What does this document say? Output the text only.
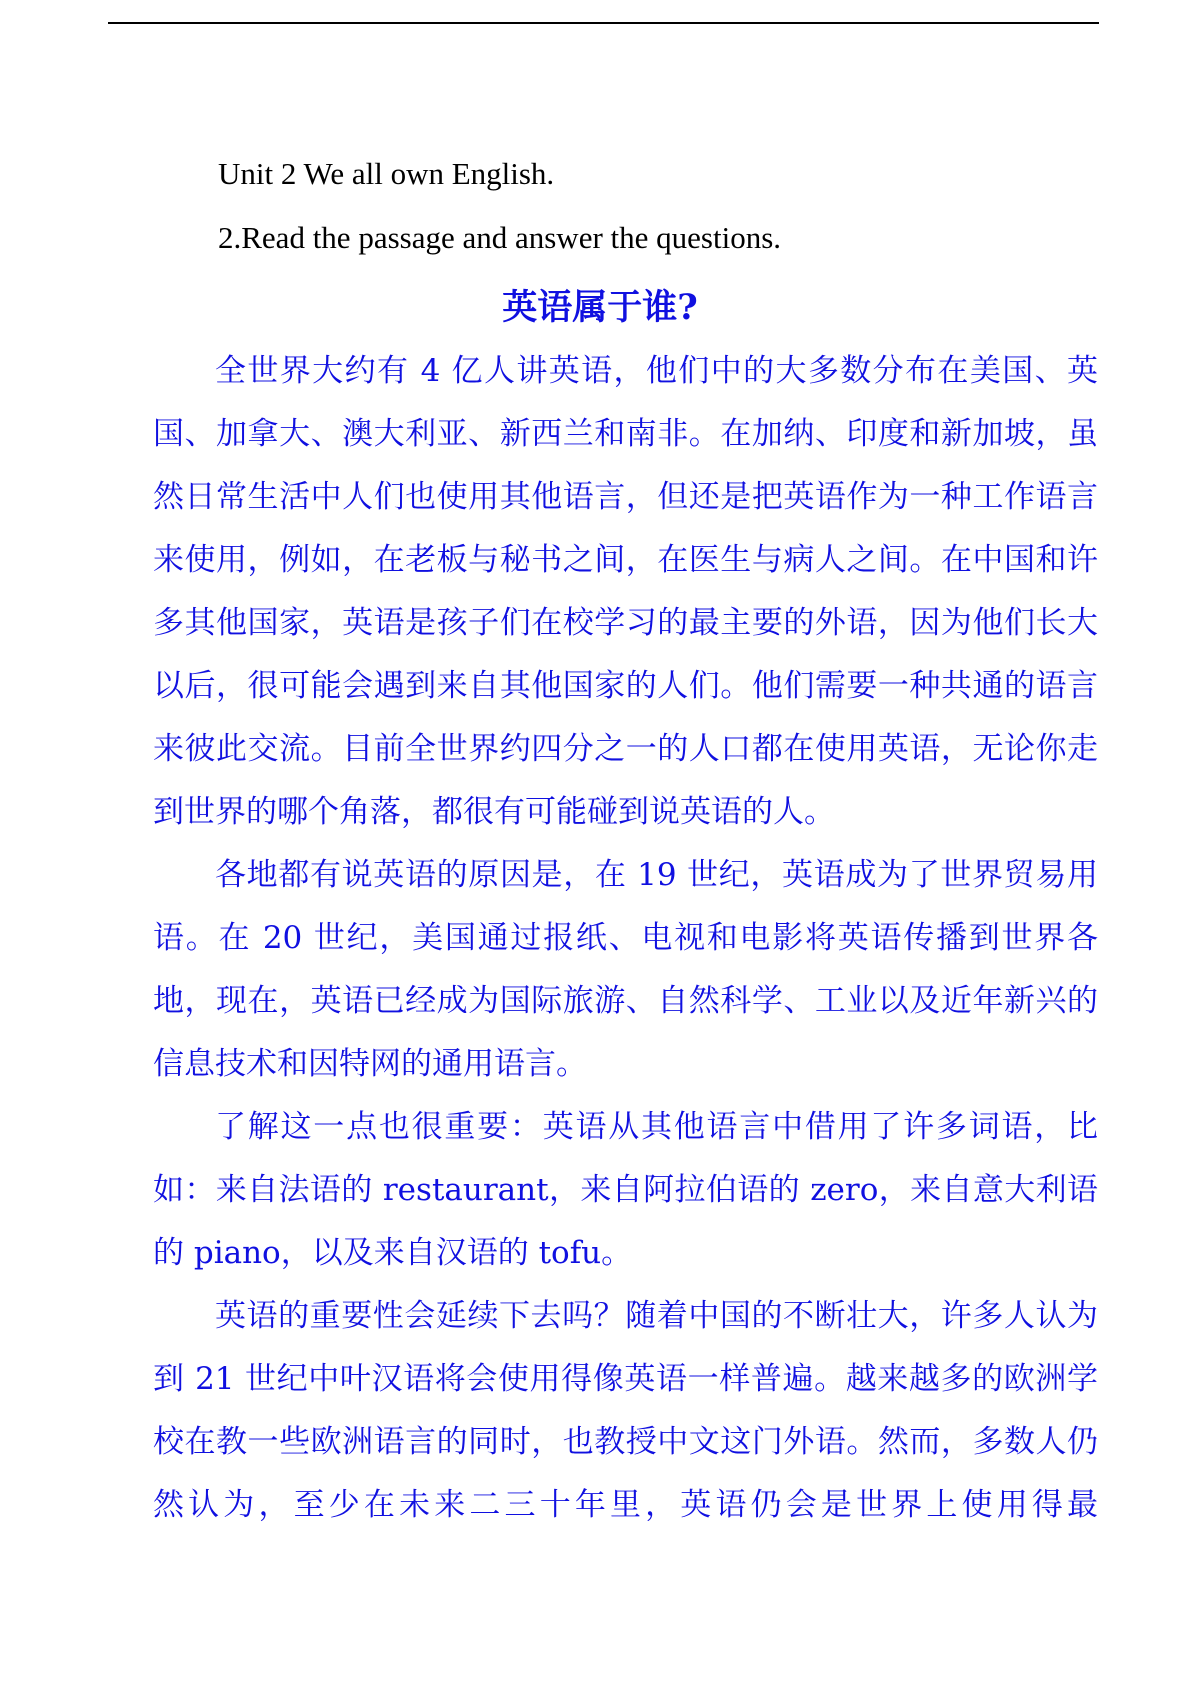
Unit 2 We all own English.
2.Read the passage and answer the questions.
英语属于谁?

全世界大约有 4 亿人讲英语，他们中的大多数分布在美国、英国、加拿大、澳大利亚、新西兰和南非。在加纳、印度和新加坡，虽然日常生活中人们也使用其他语言，但还是把英语作为一种工作语言来使用，例如，在老板与秘书之间，在医生与病人之间。在中国和许多其他国家，英语是孩子们在校学习的最主要的外语，因为他们长大以后，很可能会遇到来自其他国家的人们。他们需要一种共通的语言来彼此交流。目前全世界约四分之一的人口都在使用英语，无论你走到世界的哪个角落，都很有可能碰到说英语的人。

各地都有说英语的原因是，在 19 世纪，英语成为了世界贸易用语。在 20 世纪，美国通过报纸、电视和电影将英语传播到世界各地，现在，英语已经成为国际旅游、自然科学、工业以及近年新兴的信息技术和因特网的通用语言。

了解这一点也很重要：英语从其他语言中借用了许多词语，比如：来自法语的 restaurant，来自阿拉伯语的 zero，来自意大利语的 piano，以及来自汉语的 tofu。

英语的重要性会延续下去吗？随着中国的不断壮大，许多人认为到 21 世纪中叶汉语将会使用得像英语一样普遍。越来越多的欧洲学校在教一些欧洲语言的同时，也教授中文这门外语。然而，多数人仍然认为，至少在未来二三十年里，英语仍会是世界上使用得最
